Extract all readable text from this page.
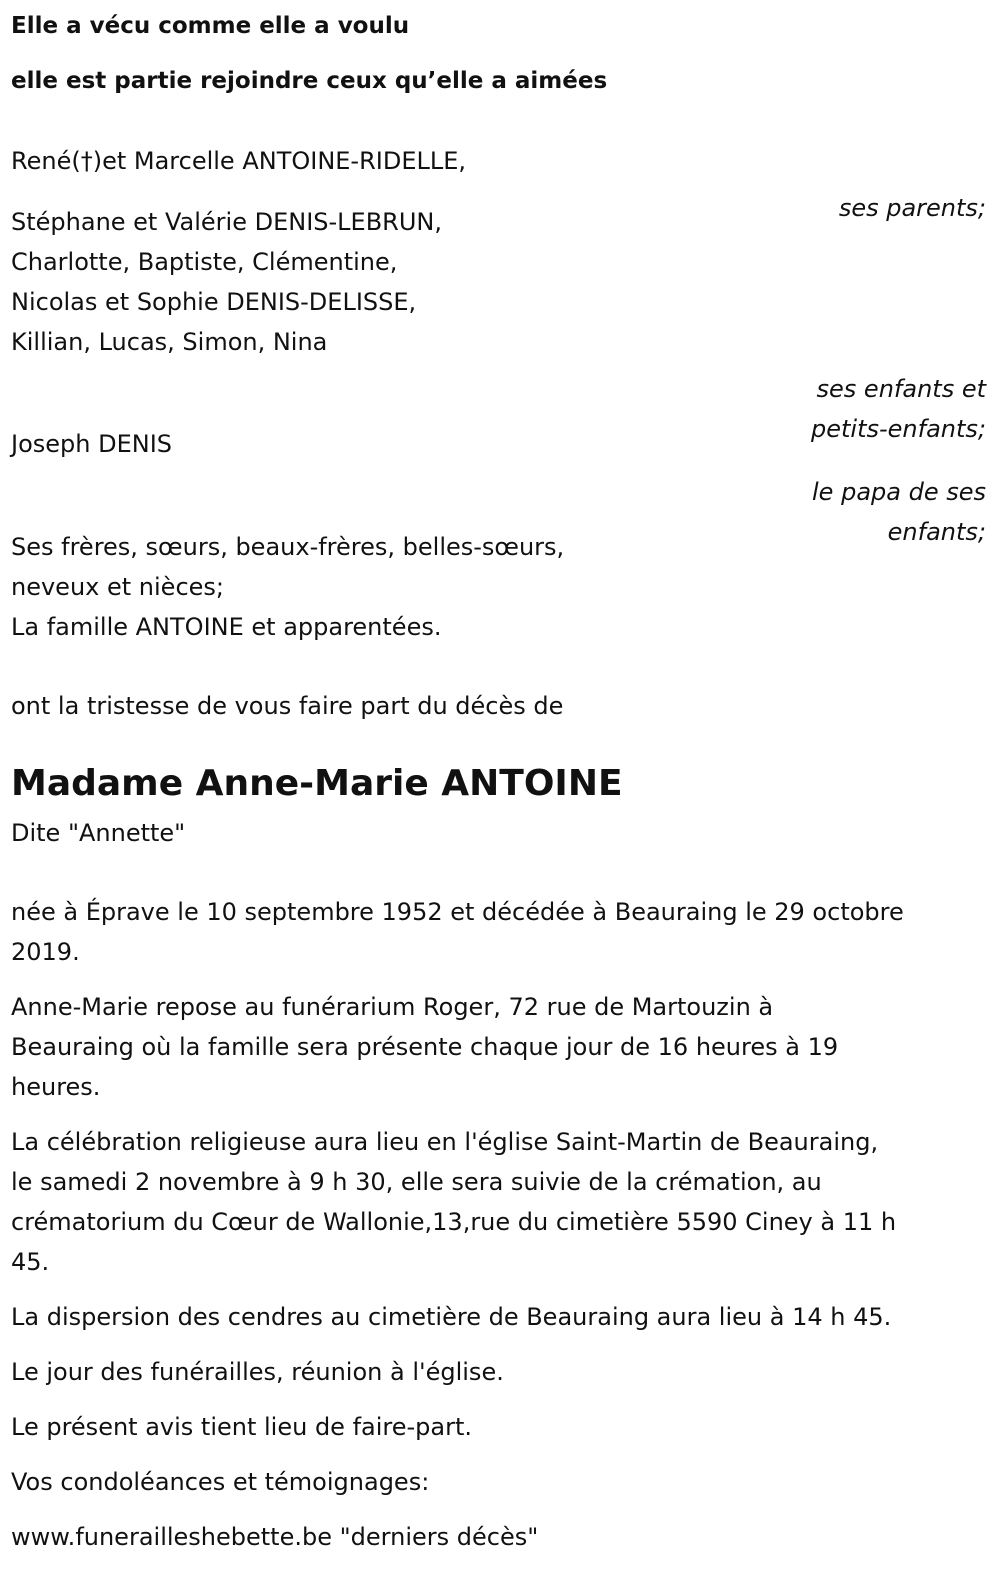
Elle a vécu comme elle a voulu

elle est partie rejoindre ceux qu’elle a aimées

René(†)et Marcelle ANTOINE-RIDELLE,

ses parents;

Stéphane et Valérie DENIS-LEBRUN,

Charlotte, Baptiste, Clémentine,

Nicolas et Sophie DENIS-DELISSE,

Killian, Lucas, Simon, Nina

ses enfants et

petits-enfants;

Joseph DENIS

le papa de ses

enfants;

Ses frères, sœurs, beaux-frères, belles-sœurs,

neveux et nièces;

La famille ANTOINE et apparentées.

ont la tristesse de vous faire part du décès de

Madame Anne-Marie ANTOINE

Dite "Annette"

née à Éprave le 10 septembre 1952 et décédée à Beauraing le 29 octobre

2019.

Anne-Marie repose au funérarium Roger, 72 rue de Martouzin à

Beauraing où la famille sera présente chaque jour de 16 heures à 19

heures.

La célébration religieuse aura lieu en l'église Saint-Martin de Beauraing,

le samedi 2 novembre à 9 h 30, elle sera suivie de la crémation, au

crématorium du Cœur de Wallonie,13,rue du cimetière 5590 Ciney à 11 h

45.

La dispersion des cendres au cimetière de Beauraing aura lieu à 14 h 45.

Le jour des funérailles, réunion à l'église.

Le présent avis tient lieu de faire-part.

Vos condoléances et témoignages:

www.funerailleshebette.be "derniers décès"
